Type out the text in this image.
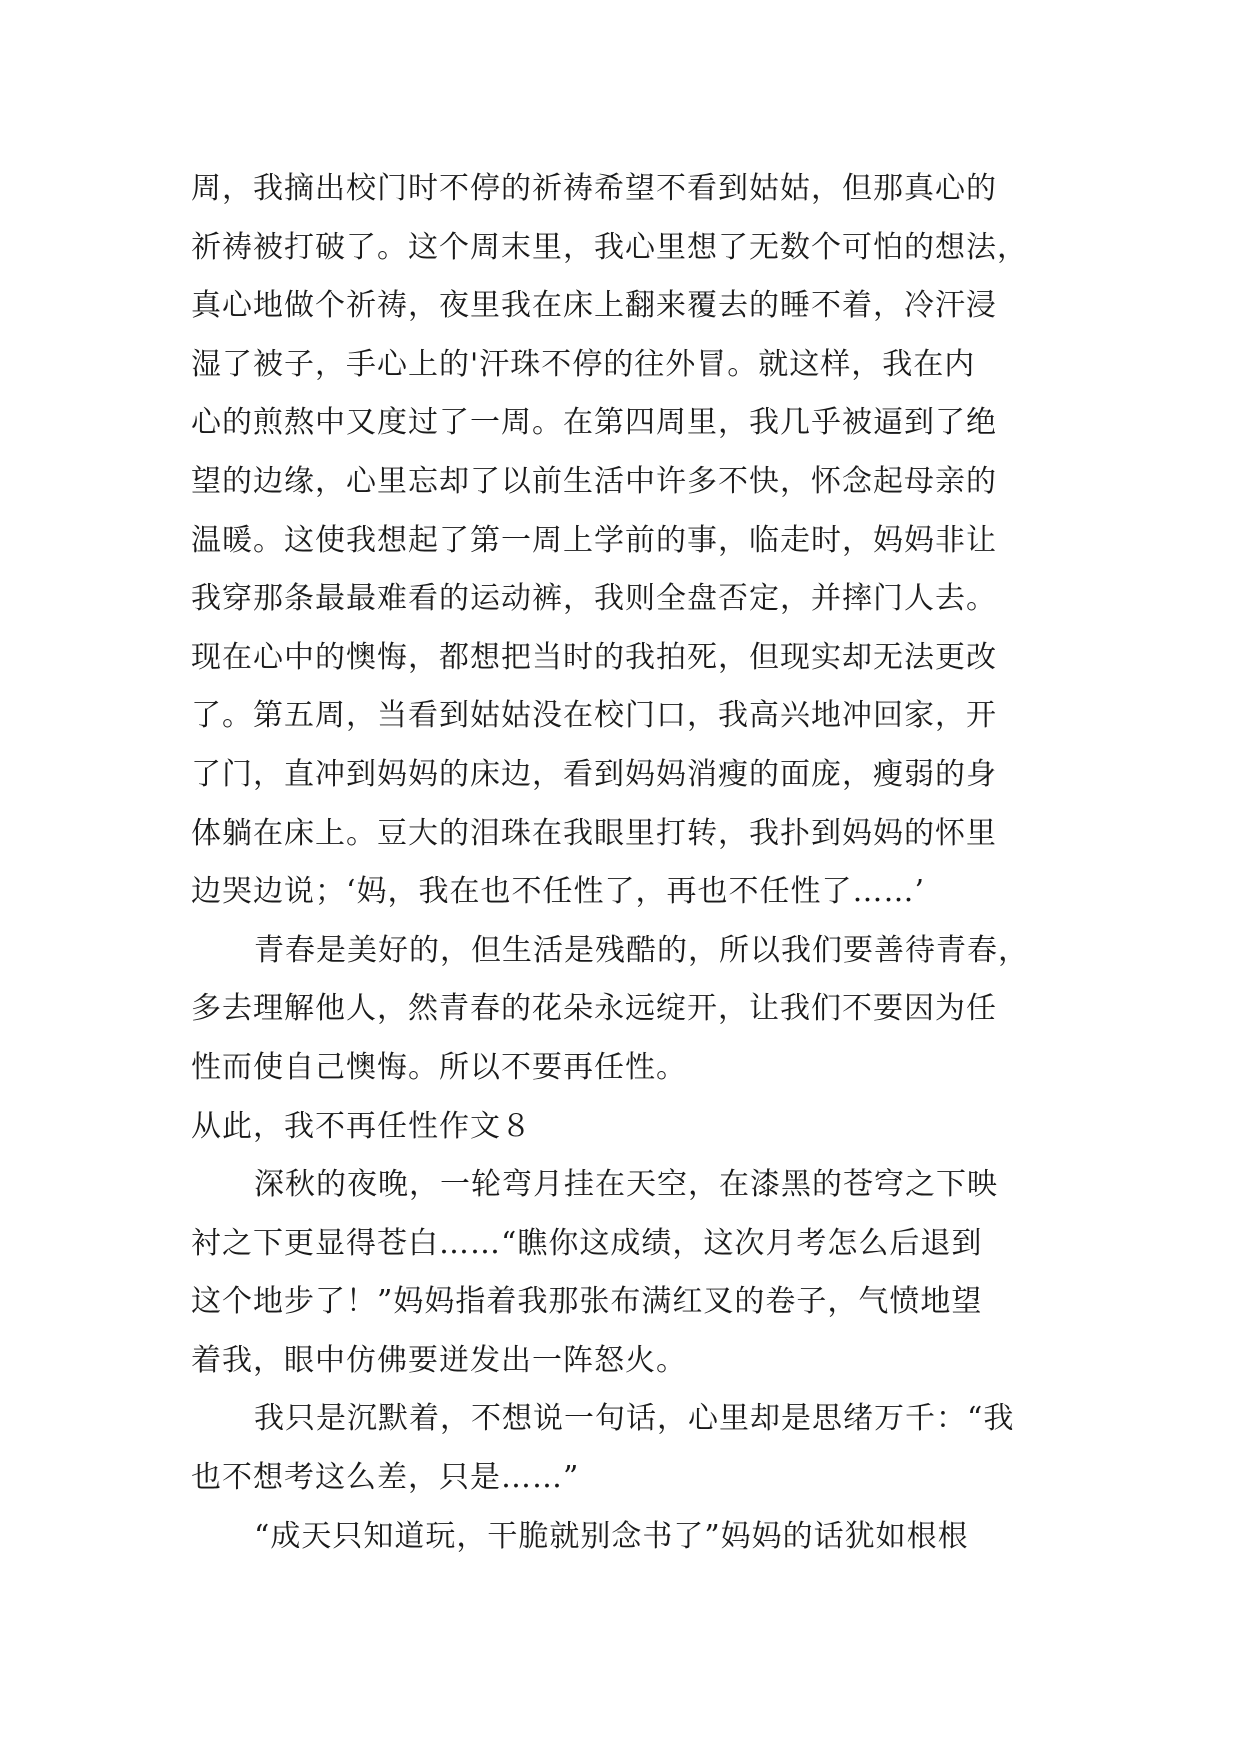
周，我摘出校门时不停的祈祷希望不看到姑姑，但那真心的
祈祷被打破了。这个周末里，我心里想了无数个可怕的想法，
真心地做个祈祷，夜里我在床上翻来覆去的睡不着，冷汗浸
湿了被子，手心上的'汗珠不停的往外冒。就这样，我在内
心的煎熬中又度过了一周。在第四周里，我几乎被逼到了绝
望的边缘，心里忘却了以前生活中许多不快，怀念起母亲的
温暖。这使我想起了第一周上学前的事，临走时，妈妈非让
我穿那条最最难看的运动裤，我则全盘否定，并摔门人去。
现在心中的懊悔，都想把当时的我拍死，但现实却无法更改
了。第五周，当看到姑姑没在校门口，我高兴地冲回家，开
了门，直冲到妈妈的床边，看到妈妈消瘦的面庞，瘦弱的身
体躺在床上。豆大的泪珠在我眼里打转，我扑到妈妈的怀里
边哭边说；‘妈，我在也不任性了，再也不任性了……’
青春是美好的，但生活是残酷的，所以我们要善待青春，
多去理解他人，然青春的花朵永远绽开，让我们不要因为任
性而使自己懊悔。所以不要再任性。
从此，我不再任性作文８
深秋的夜晚，一轮弯月挂在天空，在漆黑的苍穹之下映
衬之下更显得苍白……“瞧你这成绩，这次月考怎么后退到
这个地步了！”妈妈指着我那张布满红叉的卷子，气愤地望
着我，眼中仿佛要迸发出一阵怒火。
我只是沉默着，不想说一句话，心里却是思绪万千：“我
也不想考这么差，只是……”
“成天只知道玩，干脆就别念书了”妈妈的话犹如根根
